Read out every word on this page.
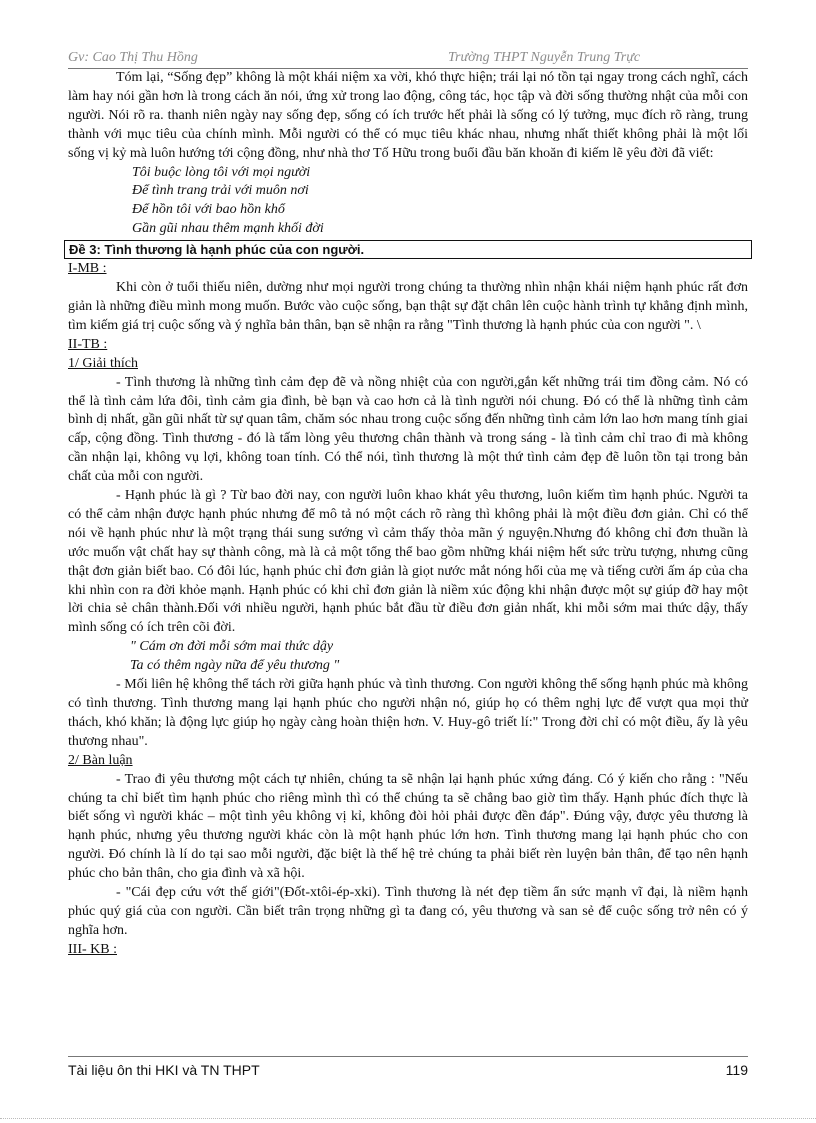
Gv: Cao Thị Thu Hồng	Trường THPT Nguyễn Trung Trực

Tóm lại, “Sống đẹp” không là một khái niệm xa vời, khó thực hiện; trái lại nó tồn tại ngay trong cách nghĩ, cách làm hay nói gần hơn là trong cách ăn nói, ứng xử trong lao động, công tác, học tập và đời sống thường nhật của mỗi con người. Nói rõ ra. thanh niên ngày nay sống đẹp, sống có ích trước hết phải là sống có lý tưởng, mục đích rõ ràng, trung thành với mục tiêu của chính mình. Mỗi người có thể có mục tiêu khác nhau, nhưng nhất thiết không phải là một lối sống vị kỷ mà luôn hướng tới cộng đồng, như nhà thơ Tố Hữu trong buổi đầu băn khoăn đi kiếm lẽ yêu đời đã viết:

Tôi buộc lòng tôi với mọi người

Để tình trang trải với muôn nơi

Để hồn tôi với bao hồn khổ

Gần gũi nhau thêm mạnh khối đời

Đề 3: Tình thương là hạnh phúc của con người.

I-MB :

Khi còn ở tuổi thiếu niên, dường như mọi người trong chúng ta thường nhìn nhận khái niệm hạnh phúc rất đơn giản là những điều mình mong muốn. Bước vào cuộc sống, bạn thật sự đặt chân lên cuộc hành trình tự khẳng định mình, tìm kiếm giá trị cuộc sống và ý nghĩa bản thân, bạn sẽ nhận ra rằng "Tình thương là hạnh phúc của con người ". \

II-TB :

1/ Giải thích

- Tình thương là những tình cảm đẹp đẽ và nồng nhiệt của con người,gắn kết những trái tim đồng cảm. Nó có thể là tình cảm lứa đôi, tình cảm gia đình, bè bạn và cao hơn cả là tình người nói chung. Đó có thể là những tình cảm bình dị nhất, gần gũi nhất từ sự quan tâm, chăm sóc nhau trong cuộc sống đến những tình cảm lớn lao hơn mang tính giai cấp, cộng đồng. Tình thương - đó là tấm lòng yêu thương chân thành và trong sáng - là tình cảm chỉ trao đi mà không cần nhận lại, không vụ lợi, không toan tính. Có thể nói, tình thương là một thứ tình cảm đẹp đẽ luôn tồn tại trong bản chất của mỗi con người.

- Hạnh phúc là gì ? Từ bao đời nay, con người luôn khao khát yêu thương, luôn kiếm tìm hạnh phúc. Người ta có thể cảm nhận được hạnh phúc nhưng để mô tả nó một cách rõ ràng thì không phải là một điều đơn giản. Chỉ có thể nói về hạnh phúc như là một trạng thái sung sướng vì cảm thấy thỏa mãn ý nguyện.Nhưng đó không chỉ đơn thuần là ước muốn vật chất hay sự thành công, mà là cả một tổng thể bao gồm những khái niệm hết sức trừu tượng, nhưng cũng thật đơn giản biết bao. Có đôi lúc, hạnh phúc chỉ đơn giản là giọt nước mắt nóng hổi của mẹ và tiếng cười ấm áp của cha khi nhìn con ra đời khỏe mạnh. Hạnh phúc có khi chỉ đơn giản là niềm xúc động khi nhận được một sự giúp đỡ hay một lời chia sẻ chân thành.Đối với nhiều người, hạnh phúc bắt đầu từ điều đơn giản nhất, khi mỗi sớm mai thức dậy, thấy mình sống có ích trên cõi đời.

" Cám ơn đời mỗi sớm mai thức dậy

Ta có thêm ngày nữa để yêu thương "

- Mối liên hệ không thể tách rời giữa hạnh phúc và tình thương. Con người không thể sống hạnh phúc mà không có tình thương. Tình thương mang lại hạnh phúc cho người nhận nó, giúp họ có thêm nghị lực để vượt qua mọi thử thách, khó khăn; là động lực giúp họ ngày càng hoàn thiện hơn. V. Huy-gô triết lí:" Trong đời chỉ có một điều, ấy là yêu thương nhau".

2/ Bàn luận

- Trao đi yêu thương một cách tự nhiên, chúng ta sẽ nhận lại hạnh phúc xứng đáng. Có ý kiến cho rằng : "Nếu chúng ta chỉ biết tìm hạnh phúc cho riêng mình thì có thể chúng ta sẽ chẳng bao giờ tìm thấy. Hạnh phúc đích thực là biết sống vì người khác – một tình yêu không vị kỉ, không đòi hỏi phải được đền đáp". Đúng vậy, được yêu thương là hạnh phúc, nhưng yêu thương người khác còn là một hạnh phúc lớn hơn. Tình thương mang lại hạnh phúc cho con người. Đó chính là lí do tại sao mỗi người, đặc biệt là thế hệ trẻ chúng ta phải biết rèn luyện bản thân, để tạo nên hạnh phúc cho bản thân, cho gia đình và xã hội.

- "Cái đẹp cứu vớt thế giới"(Đốt-xtôi-ép-xki). Tình thương là nét đẹp tiềm ẩn sức mạnh vĩ đại, là niềm hạnh phúc quý giá của con người. Cần biết trân trọng những gì ta đang có, yêu thương và san sẻ để cuộc sống trở nên có ý nghĩa hơn.

III- KB :

Tài liệu ôn thi HKI và TN THPT	119
